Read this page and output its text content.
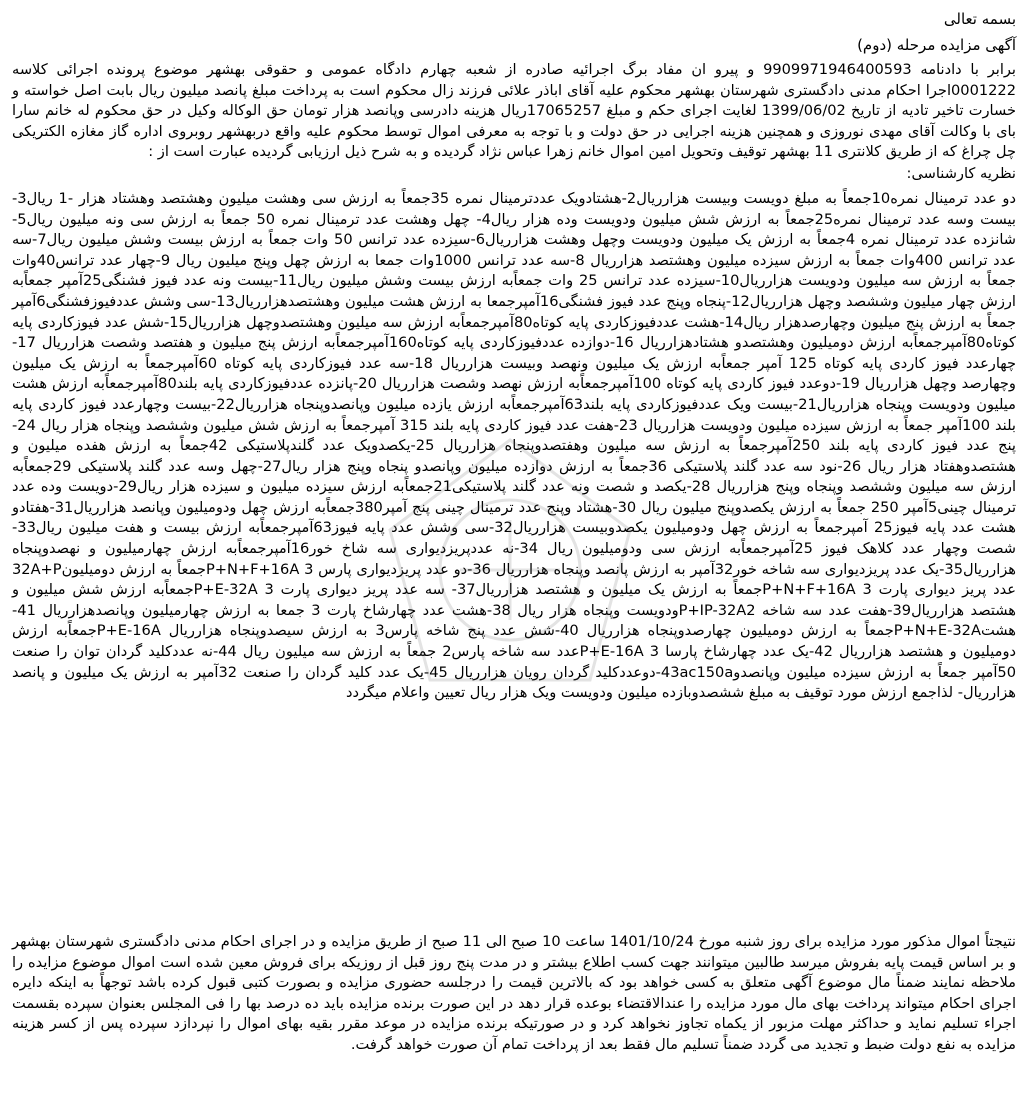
بسمه تعالی
آگهی مزایده مرحله (دوم)

برابر با دادنامه 9909971946400593 و پیرو ان مفاد برگ اجرائیه صادره از شعبه چهارم دادگاه عمومی و حقوقی بهشهر موضوع پرونده اجرائی کلاسه 0001222اجرا احکام مدنی دادگستری شهرستان بهشهر محکوم علیه آقای اباذر علائی فرزند زال محکوم است به پرداخت مبلغ پانصد میلیون ریال بابت اصل خواسته و خسارت تاخیر تادیه از تاریخ 1399/06/02 لغایت اجرای حکم و مبلغ 17065257ریال هزینه دادرسی وپانصد هزار تومان حق الوکاله وکیل در حق محکوم له خانم سارا بای با وکالت آقای مهدی نوروزی و همچنین هزینه اجرایی در حق دولت و با توجه به معرفی اموال توسط محکوم علیه واقع دربهشهر روبروی اداره گاز مغازه الکتریکی چل چراغ که از طریق کلانتری 11 بهشهر توقیف وتحویل امین اموال خانم زهرا عباس نژاد گردیده و به شرح ذیل ارزیابی گردیده عبارت است از :

نظریه کارشناسی:

دو عدد ترمینال نمره10جمعاً به مبلغ دویست وبیست هزارریال2-هشتادویک عددترمینال نمره 35جمعاً به ارزش سی وهشت میلیون وهشتصد وهشتاد هزار -1 ریال3-بیست وسه عدد ترمینال نمره25جمعاً به ارزش شش میلیون ودویست وده هزار ریال4- چهل وهشت عدد ترمینال نمره 50 جمعاً به ارزش سی ونه میلیون ریال5-شانزده عدد ترمینال نمره 4جمعاً به ارزش یک میلیون ودویست وچهل وهشت هزارریال6-سیزده عدد ترانس 50 وات جمعاً به ارزش بیست وشش میلیون ریال7-سه عدد ترانس 400وات جمعاً به ارزش سیزده میلیون وهشتصد هزارریال 8-سه عدد ترانس 1000وات جمعا به ارزش چهل وپنج میلیون ریال 9-چهار عدد ترانس40وات جمعاً به ارزش سه میلیون ودویست هزارریال10-سیزده عدد ترانس 25 وات جمعاًبه ارزش بیست وشش میلیون ریال11-بیست ونه عدد فیوز فشنگی25آمپر جمعاًبه ارزش چهار میلیون وششصد وچهل هزارریال12-پنجاه وپنج عدد فیوز فشنگی16آمپرجمعا به ارزش هشت میلیون وهشتصدهزارریال13-سی وشش عددفیوزفشنگی6آمپر جمعاً به ارزش پنج میلیون وچهارصدهزار ریال14-هشت عددفیوزکاردی پایه کوتاه80آمپرجمعاًبه ارزش سه میلیون وهشتصدوچهل هزارریال15-شش عدد فیوزکاردی پایه کوتاه80آمپرجمعاًبه ارزش دومیلیون وهشتصدو هشتادهزارریال 16-دوازده عددفیوزکاردی پایه کوتاه160آمپرجمعاًبه ارزش پنج میلیون و هفتصد وشصت هزارریال 17- چهارعدد فیوز کاردی پایه کوتاه 125 آمپر جمعاًبه ارزش یک میلیون ونهصد وبیست هزارریال 18-سه عدد فیوزکاردی پایه کوتاه 60آمپرجمعاً به ارزش یک میلیون وچهارصد وچهل هزارریال 19-دوعدد فیوز کاردی پایه کوتاه 100آمپرجمعاًبه ارزش نهصد وشصت هزارریال 20-پانزده عددفیوزکاردی پایه بلند80آمپرجمعاًبه ارزش هشت میلیون ودویست وپنجاه هزارریال21-بیست ویک عددفیوزکاردی پایه بلند63آمپرجمعاًبه ارزش یازده میلیون وپانصدوپنجاه هزارریال22-بیست وچهارعدد فیوز کاردی پایه بلند 100آمپر جمعاً به ارزش سیزده میلیون ودویست هزارریال 23-هفت عدد فیوز کاردی پایه بلند 315 آمپرجمعاً به ارزش شش میلیون وششصد وپنجاه هزار ریال 24-پنج عدد فیوز کاردی پایه بلند 250آمپرجمعاً به ارزش سه میلیون وهفتصدوپنجاه هزارریال 25-یکصدویک عدد گلندپلاستیکی 42جمعاً به ارزش هفده میلیون و هشتصدوهفتاد هزار ریال 26-نود سه عدد گلند پلاستیکی 36جمعاً به ارزش دوازده میلیون وپانصدو پنجاه وپنج هزار ریال27-چهل وسه عدد گلند پلاستیکی 29جمعاًبه ارزش سه میلیون وششصد وپنجاه وپنج هزارریال 28-یکصد و شصت ونه عدد گلند پلاستیکی21جمعاًبه ارزش سیزده میلیون و سیزده هزار ریال29-دویست وده عدد ترمینال چینی5آمپر 250 جمعاً به ارزش یکصدوپنج میلیون ریال 30-هشتاد وپنج عدد ترمینال چینی پنج آمپر380جمعاًبه ارزش چهل ودومیلیون وپانصد هزارریال31-هفتادو هشت عدد پایه فیوز25 آمپرجمعاً به ارزش چهل ودومیلیون یکصدوبیست هزارریال32-سی وشش عدد پایه فیوز63آمپرجمعاًبه ارزش بیست و هفت میلیون ریال33- شصت وچهار عدد کلاهک فیوز 25آمپرجمعاًبه ارزش سی ودومیلیون ریال 34-نه عددپریزدیواری سه شاخ خور16آمپرجمعاًبه ارزش چهارمیلیون و نهصدوپنجاه هزارریال35-یک عدد پریزدیواری سه شاخه خور32آمپر به ارزش پانصد وپنجاه هزارریال 36-دو عدد پریزدیواری پارس 3 P+N+F+16Aجمعاً به ارزش دومیلیون32A+P عدد پریز دیواری پارت 3 P+N+F+16Aجمعاً به ارزش یک میلیون و هشتصد هزارریال37- سه عدد پریز دیواری پارت 3 P+E-32Aجمعاًبه ارزش شش میلیون و هشتصد هزارریال39-هفت عدد سه شاخه P+IP-32A2ودویست وپنجاه هزار ریال 38-هشت عدد چهارشاخ پارت 3 جمعا به ارزش چهارمیلیون وپانصدهزارریال 41-هشتP+N+E-32Aجمعاً به ارزش دومیلیون چهارصدوپنجاه هزارریال 40-شش عدد پنج شاخه پارس3 به ارزش سیصدوپنجاه هزارریال P+E-16Aجمعاًبه ارزش دومیلیون و هشتصد هزارریال 42-یک عدد چهارشاخ پارسا 3 P+E-16Aعدد سه شاخه پارس2 جمعاً به ارزش سه میلیون ریال 44-نه عددکلید گردان توان را صنعت 50آمپر جمعاً به ارزش سیزده میلیون وپانصدو43ac150a-دوعددکلید گردان رویان هزارریال 45-یک عدد کلید گردان را صنعت 32آمپر به ارزش یک میلیون و پانصد هزارریال- لذاجمع ارزش مورد توقیف به مبلغ ششصدوبازده میلیون ودویست ویک هزار ریال تعیین واعلام میگردد

نتیجتاً اموال مذکور مورد مزایده برای روز شنبه مورخ 1401/10/24 ساعت 10 صبح الی 11 صبح از طریق مزایده و در اجرای احکام مدنی دادگستری شهرستان بهشهر و بر اساس قیمت پایه بفروش میرسد طالبین میتوانند جهت کسب اطلاع بیشتر و در مدت پنج روز قبل از روزیکه برای فروش معین شده است اموال موضوع مزایده را ملاحظه نمایند ضمناً مال موضوع آگهی متعلق به کسی خواهد بود که بالاترین قیمت را درجلسه حضوری مزایده و بصورت کتبی قبول کرده باشد توجهاً به اینکه دایره اجرای احکام میتواند پرداخت بهای مال مورد مزایده را عندالاقتضاء بوعده قرار دهد در این صورت برنده مزایده باید ده درصد بها را فی المجلس بعنوان سپرده بقسمت اجراء تسلیم نماید و حداکثر مهلت مزبور از یکماه تجاوز نخواهد کرد و در صورتیکه برنده مزایده در موعد مقرر بقیه بهای اموال را نپردازد سپرده پس از کسر هزینه مزایده به نفع دولت ضبط و تجدید می گردد ضمناً تسلیم مال فقط بعد از پرداخت تمام آن صورت خواهد گرفت.
